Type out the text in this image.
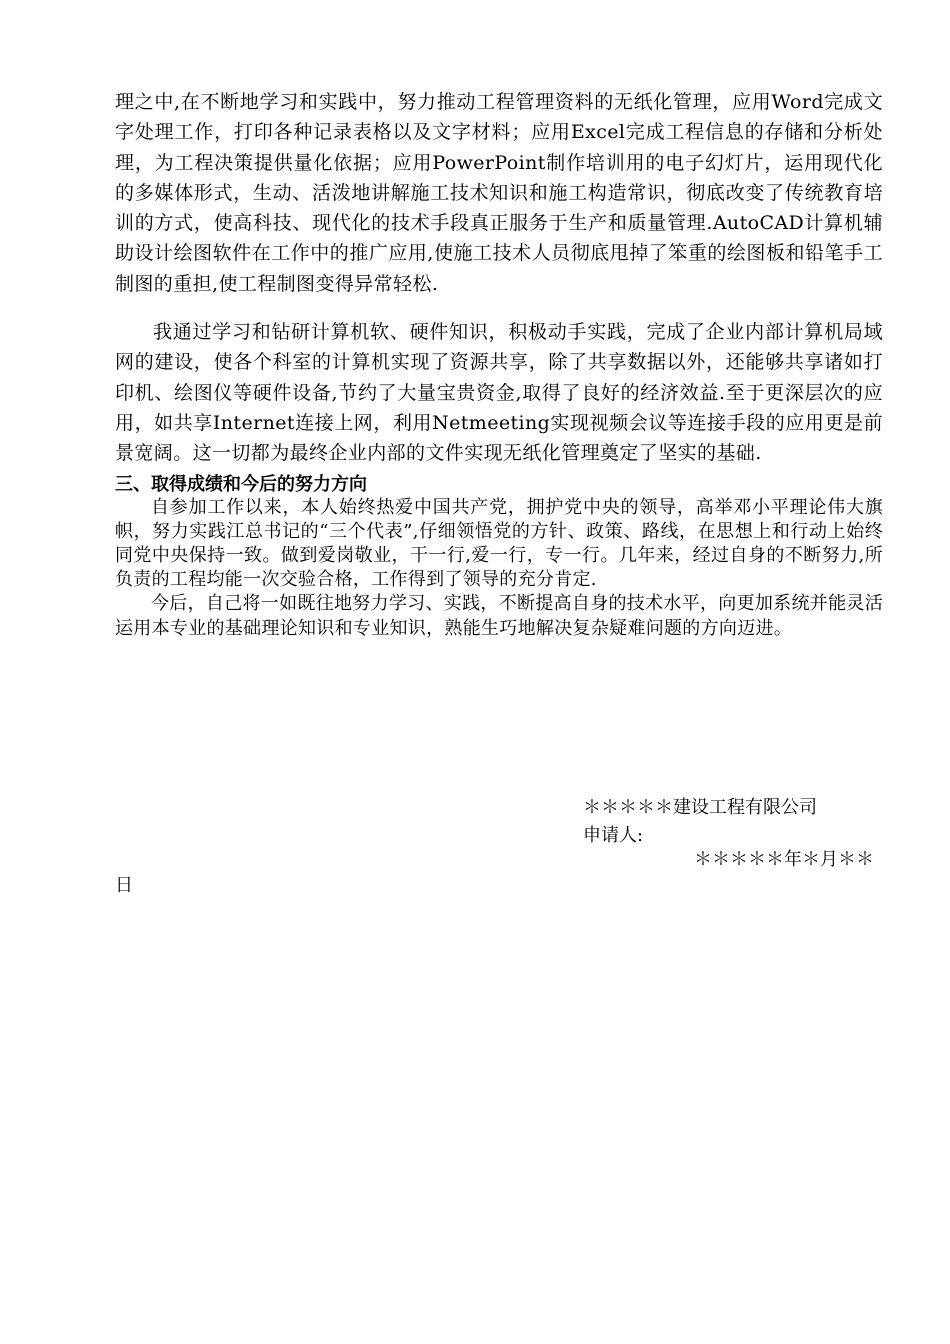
理之中,在不断地学习和实践中，努力推动工程管理资料的无纸化管理，应用Word完成文字处理工作，打印各种记录表格以及文字材料；应用Excel完成工程信息的存储和分析处理，为工程决策提供量化依据；应用PowerPoint制作培训用的电子幻灯片，运用现代化的多媒体形式，生动、活泼地讲解施工技术知识和施工构造常识，彻底改变了传统教育培训的方式，使高科技、现代化的技术手段真正服务于生产和质量管理.AutoCAD计算机辅助设计绘图软件在工作中的推广应用,使施工技术人员彻底甩掉了笨重的绘图板和铅笔手工制图的重担,使工程制图变得异常轻松.

我通过学习和钻研计算机软、硬件知识，积极动手实践，完成了企业内部计算机局域网的建设，使各个科室的计算机实现了资源共享，除了共享数据以外，还能够共享诸如打印机、绘图仪等硬件设备,节约了大量宝贵资金,取得了良好的经济效益.至于更深层次的应用，如共享Internet连接上网，利用Netmeeting实现视频会议等连接手段的应用更是前景宽阔。这一切都为最终企业内部的文件实现无纸化管理奠定了坚实的基础.

三、取得成绩和今后的努力方向

自参加工作以来，本人始终热爱中国共产党，拥护党中央的领导，高举邓小平理论伟大旗帜，努力实践江总书记的“三个代表”,仔细领悟党的方针、政策、路线，在思想上和行动上始终同党中央保持一致。做到爱岗敬业，干一行,爱一行，专一行。几年来，经过自身的不断努力,所负责的工程均能一次交验合格，工作得到了领导的充分肯定.

今后，自己将一如既往地努力学习、实践，不断提高自身的技术水平，向更加系统并能灵活运用本专业的基础理论知识和专业知识，熟能生巧地解决复杂疑难问题的方向迈进。

＊＊＊＊＊建设工程有限公司

申请人:

＊＊＊＊＊年＊月＊＊

日
